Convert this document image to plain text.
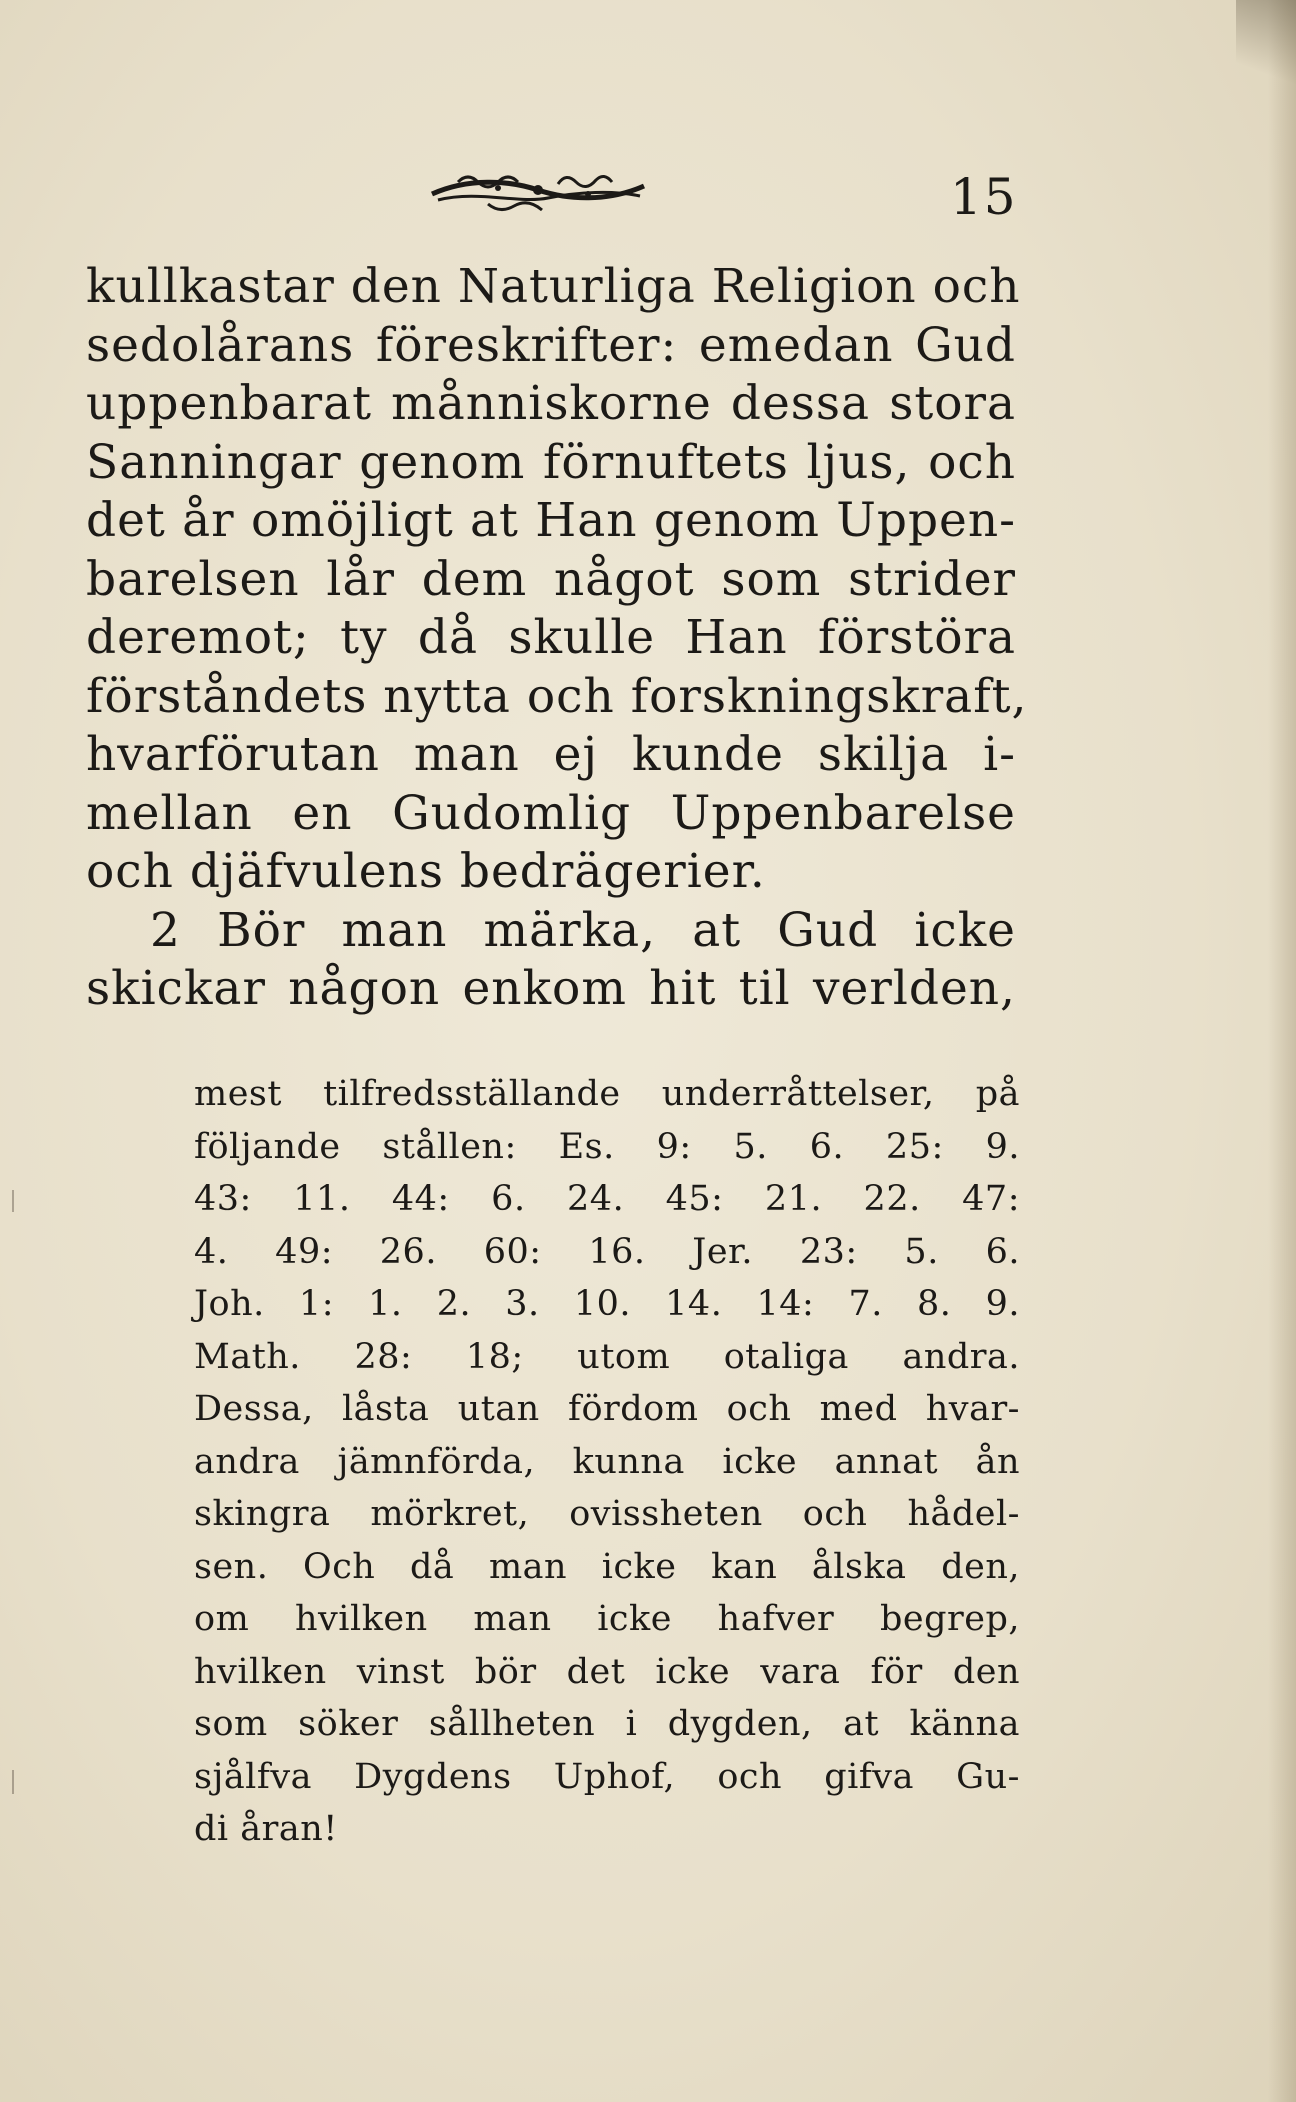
15
kullkastar den Naturliga Religion och
sedolårans föreskrifter: emedan Gud
uppenbarat månniskorne dessa stora
Sanningar genom förnuftets ljus, och
det år omöjligt at Han genom Uppen-
barelsen lår dem något som strider
deremot; ty då skulle Han förstöra
förståndets nytta och forskningskraft,
hvarförutan man ej kunde skilja i-
mellan en Gudomlig Uppenbarelse
och djäfvulens bedrägerier.
2 Bör man märka, at Gud icke
skickar någon enkom hit til verlden,
mest tilfredsställande underråttelser, på
följande stållen: Es. 9: 5. 6. 25: 9.
43: 11. 44: 6. 24. 45: 21. 22. 47:
4. 49: 26. 60: 16. Jer. 23: 5. 6.
Joh. 1: 1. 2. 3. 10. 14. 14: 7. 8. 9.
Math. 28: 18; utom otaliga andra.
Dessa, låsta utan fördom och med hvar-
andra jämnförda, kunna icke annat ån
skingra mörkret, ovissheten och hådel-
sen. Och då man icke kan ålska den,
om hvilken man icke hafver begrep,
hvilken vinst bör det icke vara för den
som söker sållheten i dygden, at känna
sjålfva Dygdens Uphof, och gifva Gu-
di åran!
